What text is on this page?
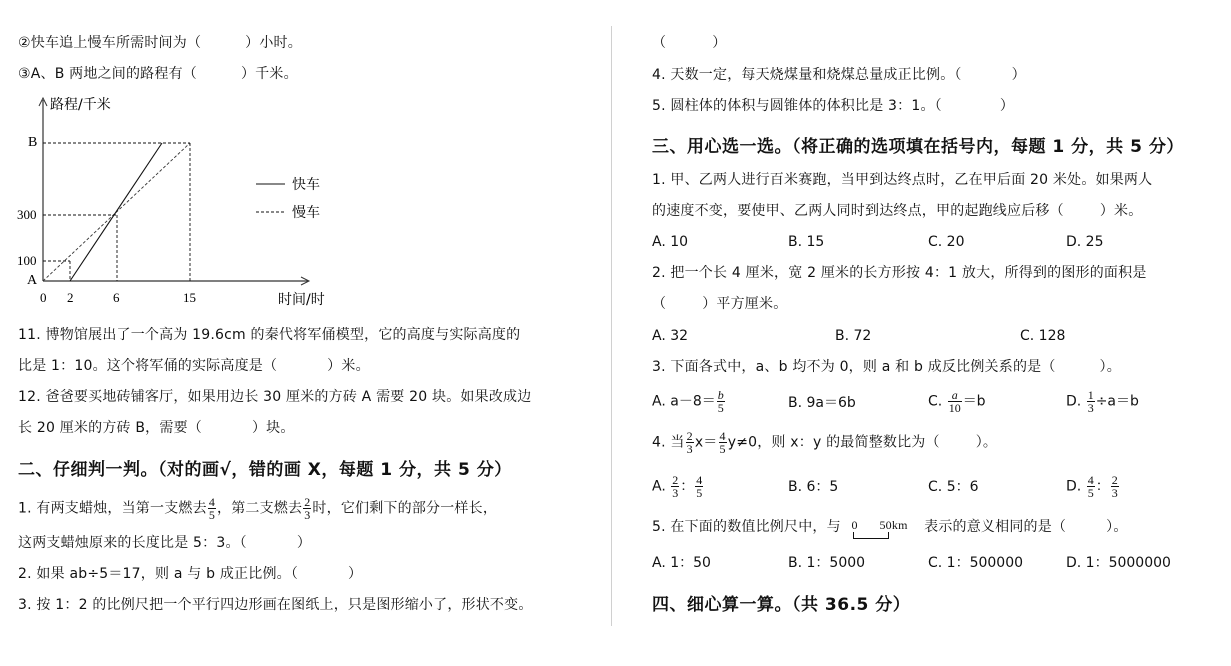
②快车追上慢车所需时间为（	）小时。
③A、B 两地之间的路程有（	）千米。
B
300
100
A
0 2	6	15
路程/千米
时间/时
快车
慢车
11. 博物馆展出了一个高为 19.6cm 的秦代将军俑模型，它的高度与实际高度的
比是 1：10。这个将军俑的实际高度是（	）米。
12. 爸爸要买地砖铺客厅，如果用边长 30 厘米的方砖 A 需要 20 块。如果改成边
长 20 厘米的方砖 B，需要（	）块。
二、仔细判一判。（对的画√，错的画 X，每题 1 分，共 5 分）
1. 有两支蜡烛，当第一支燃去 $\frac{4}{5}$ ，第二支燃去 $\frac{2}{3}$ 时，它们剩下的部分一样长，
这两支蜡烛原来的长度比是 5：3。（	）
2. 如果 ab÷5＝17，则 a 与 b 成正比例。（	）
3. 按 1：2 的比例尺把一个平行四边形画在图纸上，只是图形缩小了，形状不变。
（	）
4. 天数一定，每天烧煤量和烧煤总量成正比例。（	）
5. 圆柱体的体积与圆锥体的体积比是 3：1。（	）
三、用心选一选。（将正确的选项填在括号内，每题 1 分，共 5 分）
1. 甲、乙两人进行百米赛跑，当甲到达终点时，乙在甲后面 20 米处。如果两人
的速度不变，要使甲、乙两人同时到达终点，甲的起跑线应后移（	）米。
A. 10	B. 15	C. 20	D. 25
2. 把一个长 4 厘米，宽 2 厘米的长方形按 4：1 放大，所得到的图形的面积是
（	）平方厘米。
A. 32	B. 72	C. 128
3. 下面各式中，a、b 均不为 0，则 a 和 b 成反比例关系的是（	）。
A. $a-8= \frac{b}{5}$	B. 9a＝6b	C. $\frac{a}{10} =b$	D. $\frac{1}{3} \div a=b$
4. 当 $\frac{2}{3} x= \frac{4}{5} y\ne 0$，则 x：y 的最简整数比为（	）。
A. $\frac{2}{3}$ ： $\frac{4}{5}$	B. 6：5	C. 5：6	D. $\frac{4}{5}$ ： $\frac{2}{3}$
5. 在下面的数值比例尺中，与 0 50km 表示的意义相同的是（	）。
A. 1：50	B. 1：5000	C. 1：500000	D. 1：5000000
四、细心算一算。（共 36.5 分）
